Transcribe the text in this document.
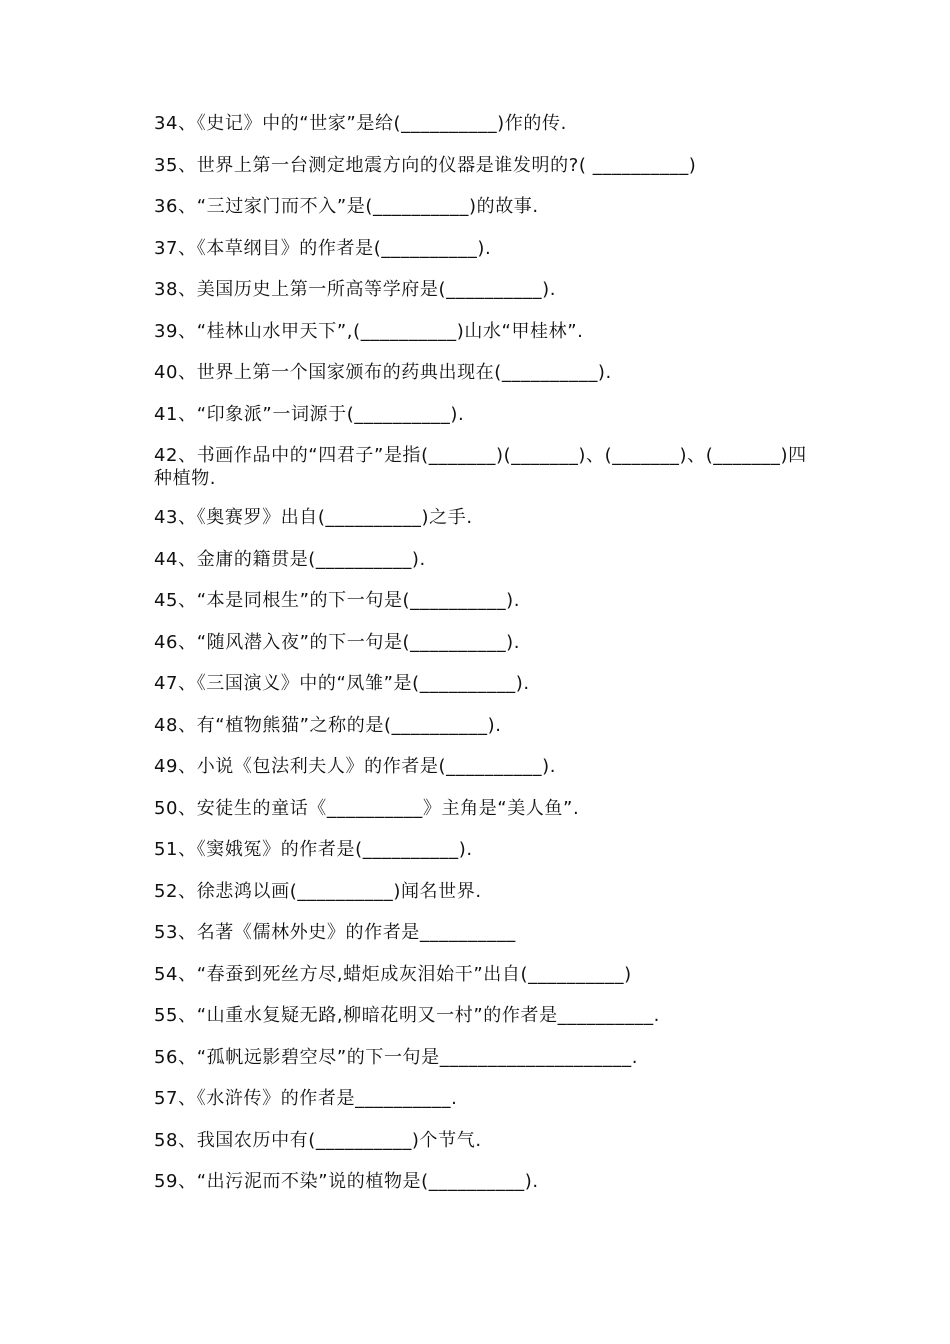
34、《史记》中的“世家”是给(__________)作的传.
35、世界上第一台测定地震方向的仪器是谁发明的?( __________)
36、“三过家门而不入”是(__________)的故事.
37、《本草纲目》的作者是(__________).
38、美国历史上第一所高等学府是(__________).
39、“桂林山水甲天下”,(__________)山水“甲桂林”.
40、世界上第一个国家颁布的药典出现在(__________).
41、“印象派”一词源于(__________).
42、书画作品中的“四君子”是指(_______)(_______)、(_______)、(_______)四种植物.
43、《奥赛罗》出自(__________)之手.
44、金庸的籍贯是(__________).
45、“本是同根生”的下一句是(__________).
46、“随风潜入夜”的下一句是(__________).
47、《三国演义》中的“凤雏”是(__________).
48、有“植物熊猫”之称的是(__________).
49、小说《包法利夫人》的作者是(__________).
50、安徒生的童话《__________》主角是“美人鱼”.
51、《窦娥冤》的作者是(__________).
52、徐悲鸿以画(__________)闻名世界.
53、名著《儒林外史》的作者是__________
54、“春蚕到死丝方尽,蜡炬成灰泪始干”出自(__________)
55、“山重水复疑无路,柳暗花明又一村”的作者是__________.
56、“孤帆远影碧空尽”的下一句是____________________.
57、《水浒传》的作者是__________.
58、我国农历中有(__________)个节气.
59、“出污泥而不染”说的植物是(__________).
